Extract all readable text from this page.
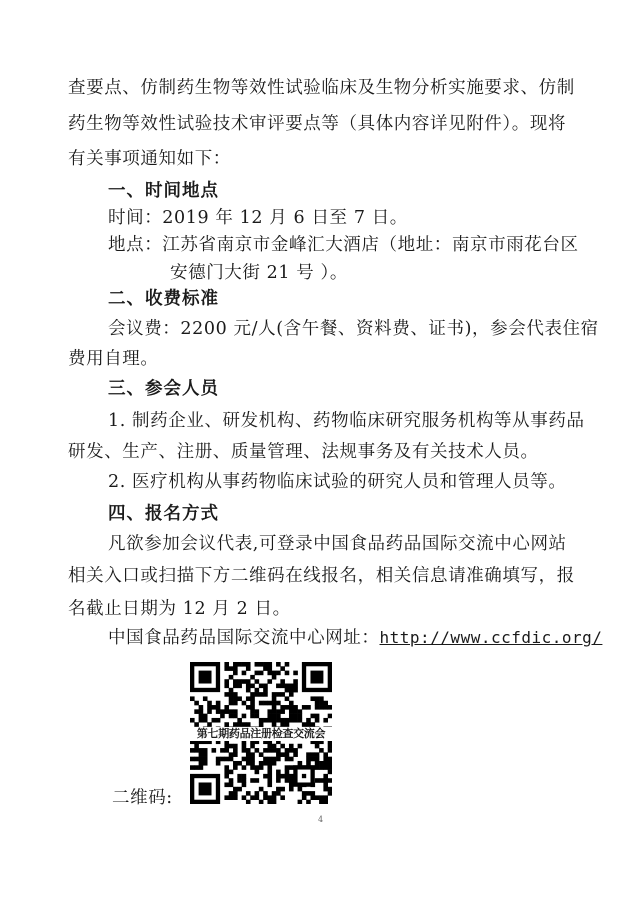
查要点、仿制药生物等效性试验临床及生物分析实施要求、仿制
药生物等效性试验技术审评要点等（具体内容详见附件）。现将
有关事项通知如下：
一、时间地点
时间：2019 年 12 月 6 日至 7 日。
地点：江苏省南京市金峰汇大酒店（地址：南京市雨花台区
安德门大街 21 号 ）。
二、收费标准
会议费：2200 元/人(含午餐、资料费、证书)，参会代表住宿
费用自理。
三、参会人员
1. 制药企业、研发机构、药物临床研究服务机构等从事药品
研发、生产、注册、质量管理、法规事务及有关技术人员。
2. 医疗机构从事药物临床试验的研究人员和管理人员等。
四、报名方式
凡欲参加会议代表,可登录中国食品药品国际交流中心网站
相关入口或扫描下方二维码在线报名，相关信息请准确填写，报
名截止日期为 12 月 2 日。
中国食品药品国际交流中心网址：http://www.ccfdic.org/
第七期药品注册检查交流会
二维码:
4
